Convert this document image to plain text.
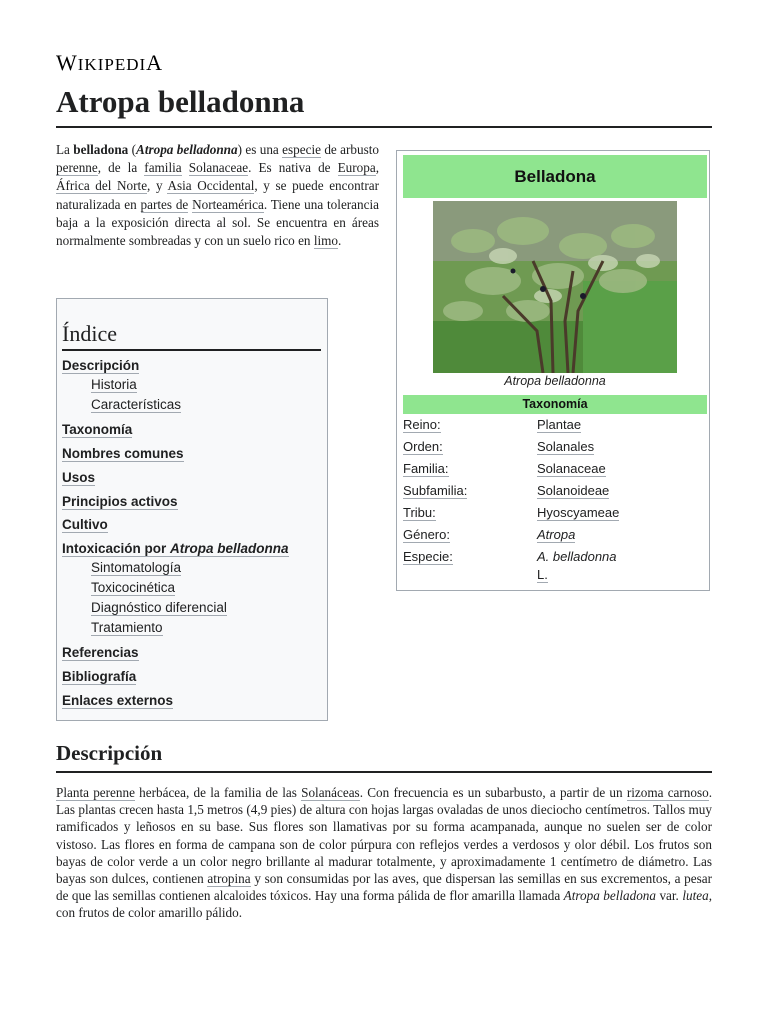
WIKIPEDIA
Atropa belladonna

La belladona (Atropa belladonna) es una especie de arbusto perenne, de la familia Solanaceae. Es nativa de Europa, África del Norte, y Asia Occidental, y se puede encontrar naturalizada en partes de Norteamérica. Tiene una tolerancia baja a la exposición directa al sol. Se encuentra en áreas normalmente sombreadas y con un suelo rico en limo.

Belladona
Atropa belladonna
Taxonomía
Reino:	Plantae
Orden:	Solanales
Familia:	Solanaceae
Subfamilia:	Solanoideae
Tribu:	Hyoscyameae
Género:	Atropa
Especie:	A. belladonna
L.
Índice
Descripción
Historia
Características
Taxonomía
Nombres comunes
Usos
Principios activos
Cultivo
Intoxicación por Atropa belladonna
Sintomatología
Toxicocinética
Diagnóstico diferencial
Tratamiento
Referencias
Bibliografía
Enlaces externos
Descripción

Planta perenne herbácea, de la familia de las Solanáceas. Con frecuencia es un subarbusto, a partir de un rizoma carnoso. Las plantas crecen hasta 1,5 metros (4,9 pies) de altura con hojas largas ovaladas de unos dieciocho centímetros. Tallos muy ramificados y leñosos en su base. Sus flores son llamativas por su forma acampanada, aunque no suelen ser de color vistoso. Las flores en forma de campana son de color púrpura con reflejos verdes a verdosos y olor débil. Los frutos son bayas de color verde a un color negro brillante al madurar totalmente, y aproximadamente 1 centímetro de diámetro. Las bayas son dulces, contienen atropina y son consumidas por las aves, que dispersan las semillas en sus excrementos, a pesar de que las semillas contienen alcaloides tóxicos. Hay una forma pálida de flor amarilla llamada Atropa belladona var. lutea, con frutos de color amarillo pálido.
